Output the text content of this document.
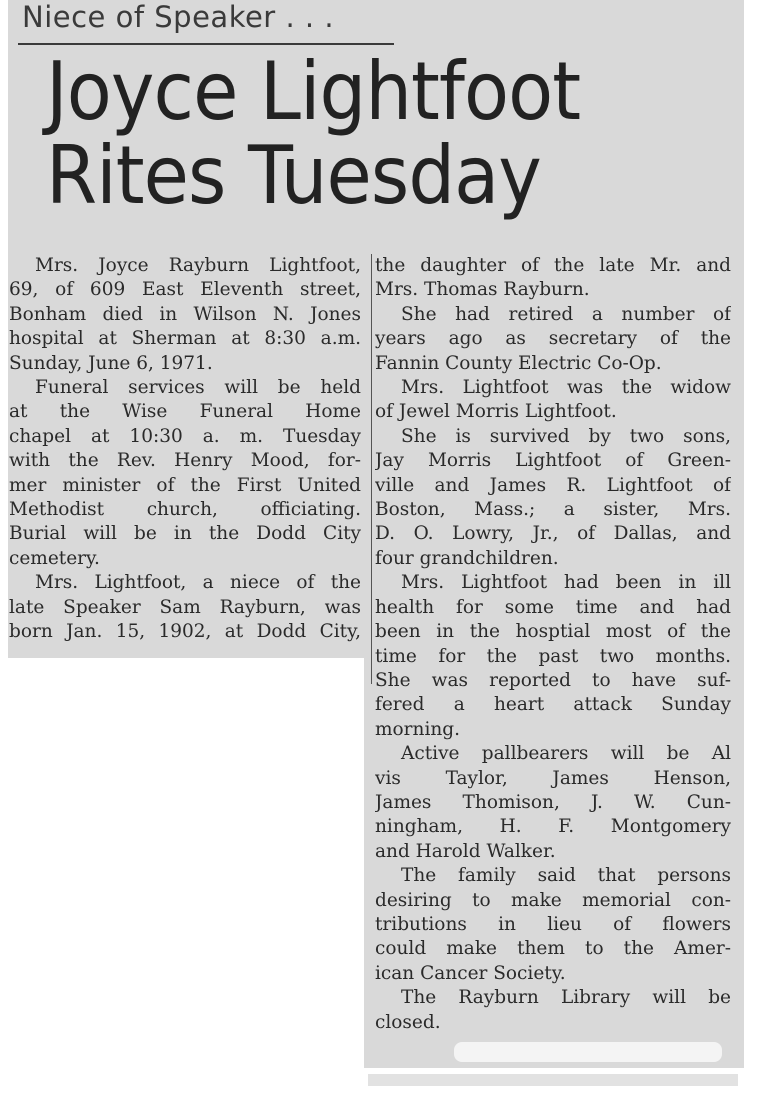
Niece of Speaker . . .
Joyce Lightfoot
Rites Tuesday
Mrs. Joyce Rayburn Lightfoot,
69, of 609 East Eleventh street,
Bonham died in Wilson N. Jones
hospital at Sherman at 8:30 a.m.
Sunday, June 6, 1971.
Funeral services will be held
at the Wise Funeral Home
chapel at 10:30 a. m. Tuesday
with the Rev. Henry Mood, for-
mer minister of the First United
Methodist church, officiating.
Burial will be in the Dodd City
cemetery.
Mrs. Lightfoot, a niece of the
late Speaker Sam Rayburn, was
born Jan. 15, 1902, at Dodd City,
the daughter of the late Mr. and
Mrs. Thomas Rayburn.
She had retired a number of
years ago as secretary of the
Fannin County Electric Co-Op.
Mrs. Lightfoot was the widow
of Jewel Morris Lightfoot.
She is survived by two sons,
Jay Morris Lightfoot of Green-
ville and James R. Lightfoot of
Boston, Mass.; a sister, Mrs.
D. O. Lowry, Jr., of Dallas, and
four grandchildren.
Mrs. Lightfoot had been in ill
health for some time and had
been in the hosptial most of the
time for the past two months.
She was reported to have suf-
fered a heart attack Sunday
morning.
Active pallbearers will be Al
vis Taylor, James Henson,
James Thomison, J. W. Cun-
ningham, H. F. Montgomery
and Harold Walker.
The family said that persons
desiring to make memorial con-
tributions in lieu of flowers
could make them to the Amer-
ican Cancer Society.
The Rayburn Library will be
closed.
